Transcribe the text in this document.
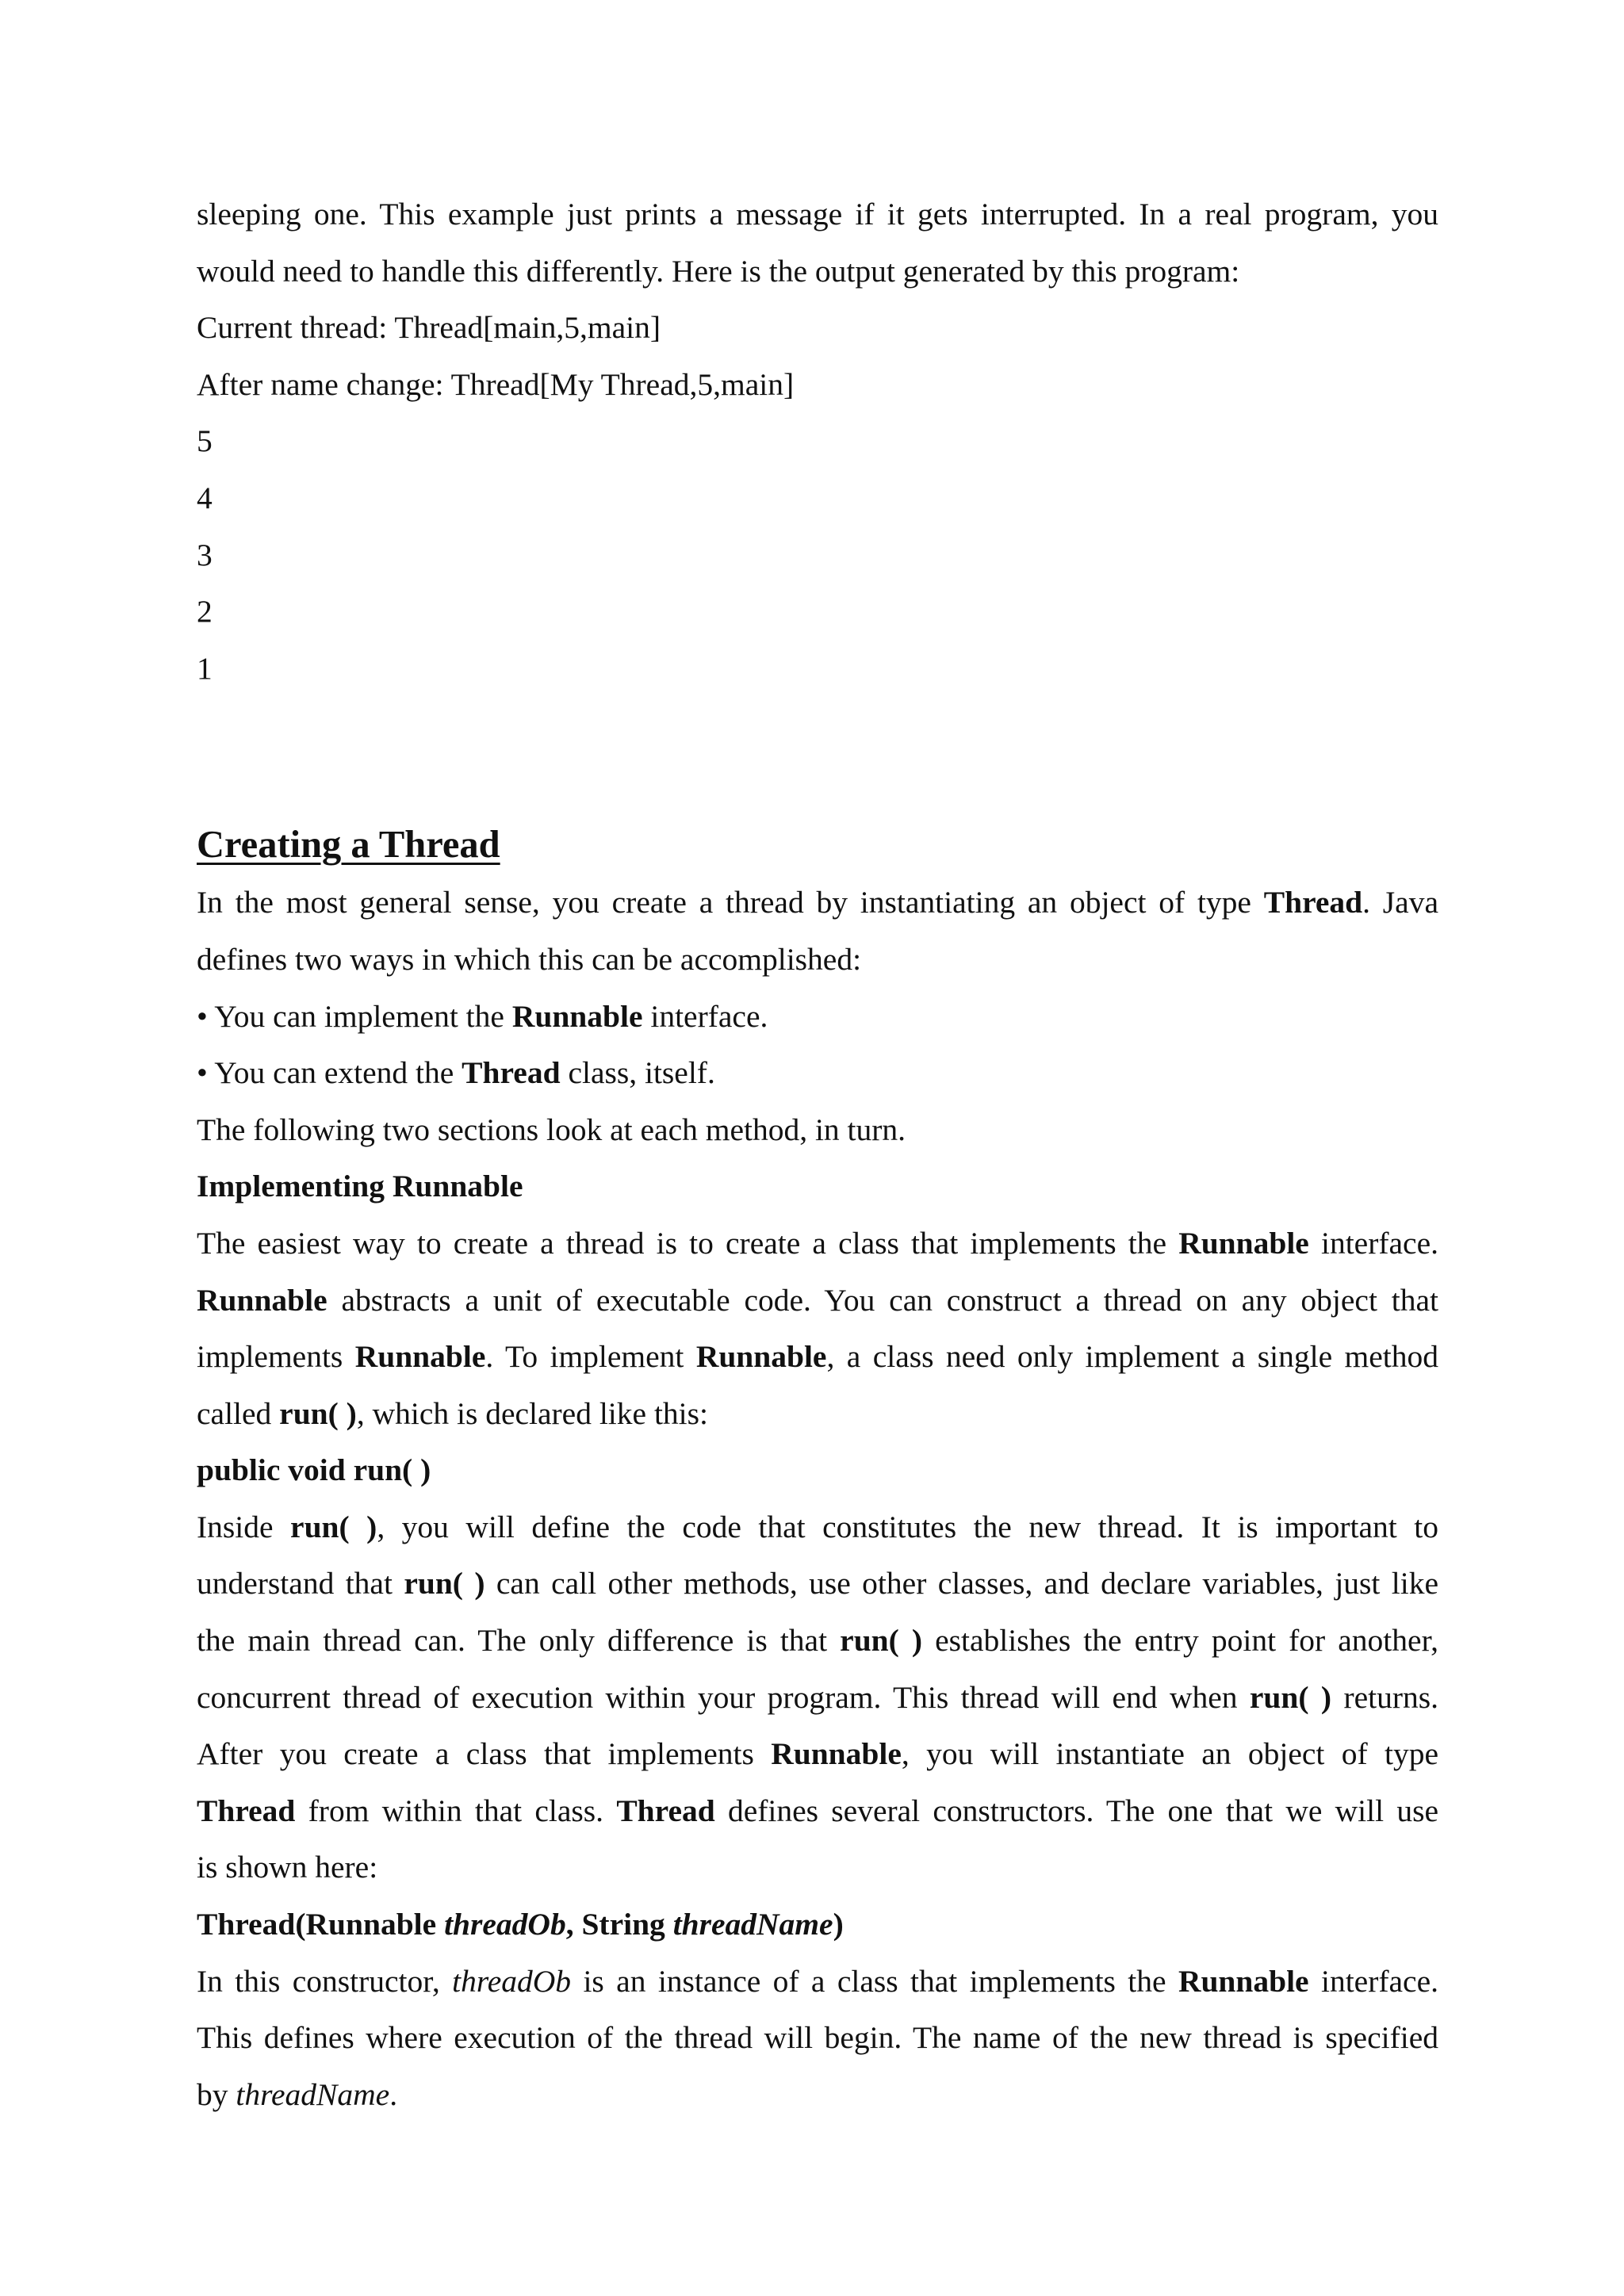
sleeping one. This example just prints a message if it gets interrupted. In a real program, you
would need to handle this differently. Here is the output generated by this program:
Current thread: Thread[main,5,main]
After name change: Thread[My Thread,5,main]
5
4
3
2
1
Creating a Thread
In the most general sense, you create a thread by instantiating an object of type Thread. Java
defines two ways in which this can be accomplished:
• You can implement the Runnable interface.
• You can extend the Thread class, itself.
The following two sections look at each method, in turn.
Implementing Runnable
The easiest way to create a thread is to create a class that implements the Runnable interface.
Runnable abstracts a unit of executable code. You can construct a thread on any object that
implements Runnable. To implement Runnable, a class need only implement a single method
called run( ), which is declared like this:
public void run( )
Inside run( ), you will define the code that constitutes the new thread. It is important to
understand that run( ) can call other methods, use other classes, and declare variables, just like
the main thread can. The only difference is that run( ) establishes the entry point for another,
concurrent thread of execution within your program. This thread will end when run( ) returns.
After you create a class that implements Runnable, you will instantiate an object of type
Thread from within that class. Thread defines several constructors. The one that we will use
is shown here:
Thread(Runnable threadOb, String threadName)
In this constructor, threadOb is an instance of a class that implements the Runnable interface.
This defines where execution of the thread will begin. The name of the new thread is specified
by threadName.
